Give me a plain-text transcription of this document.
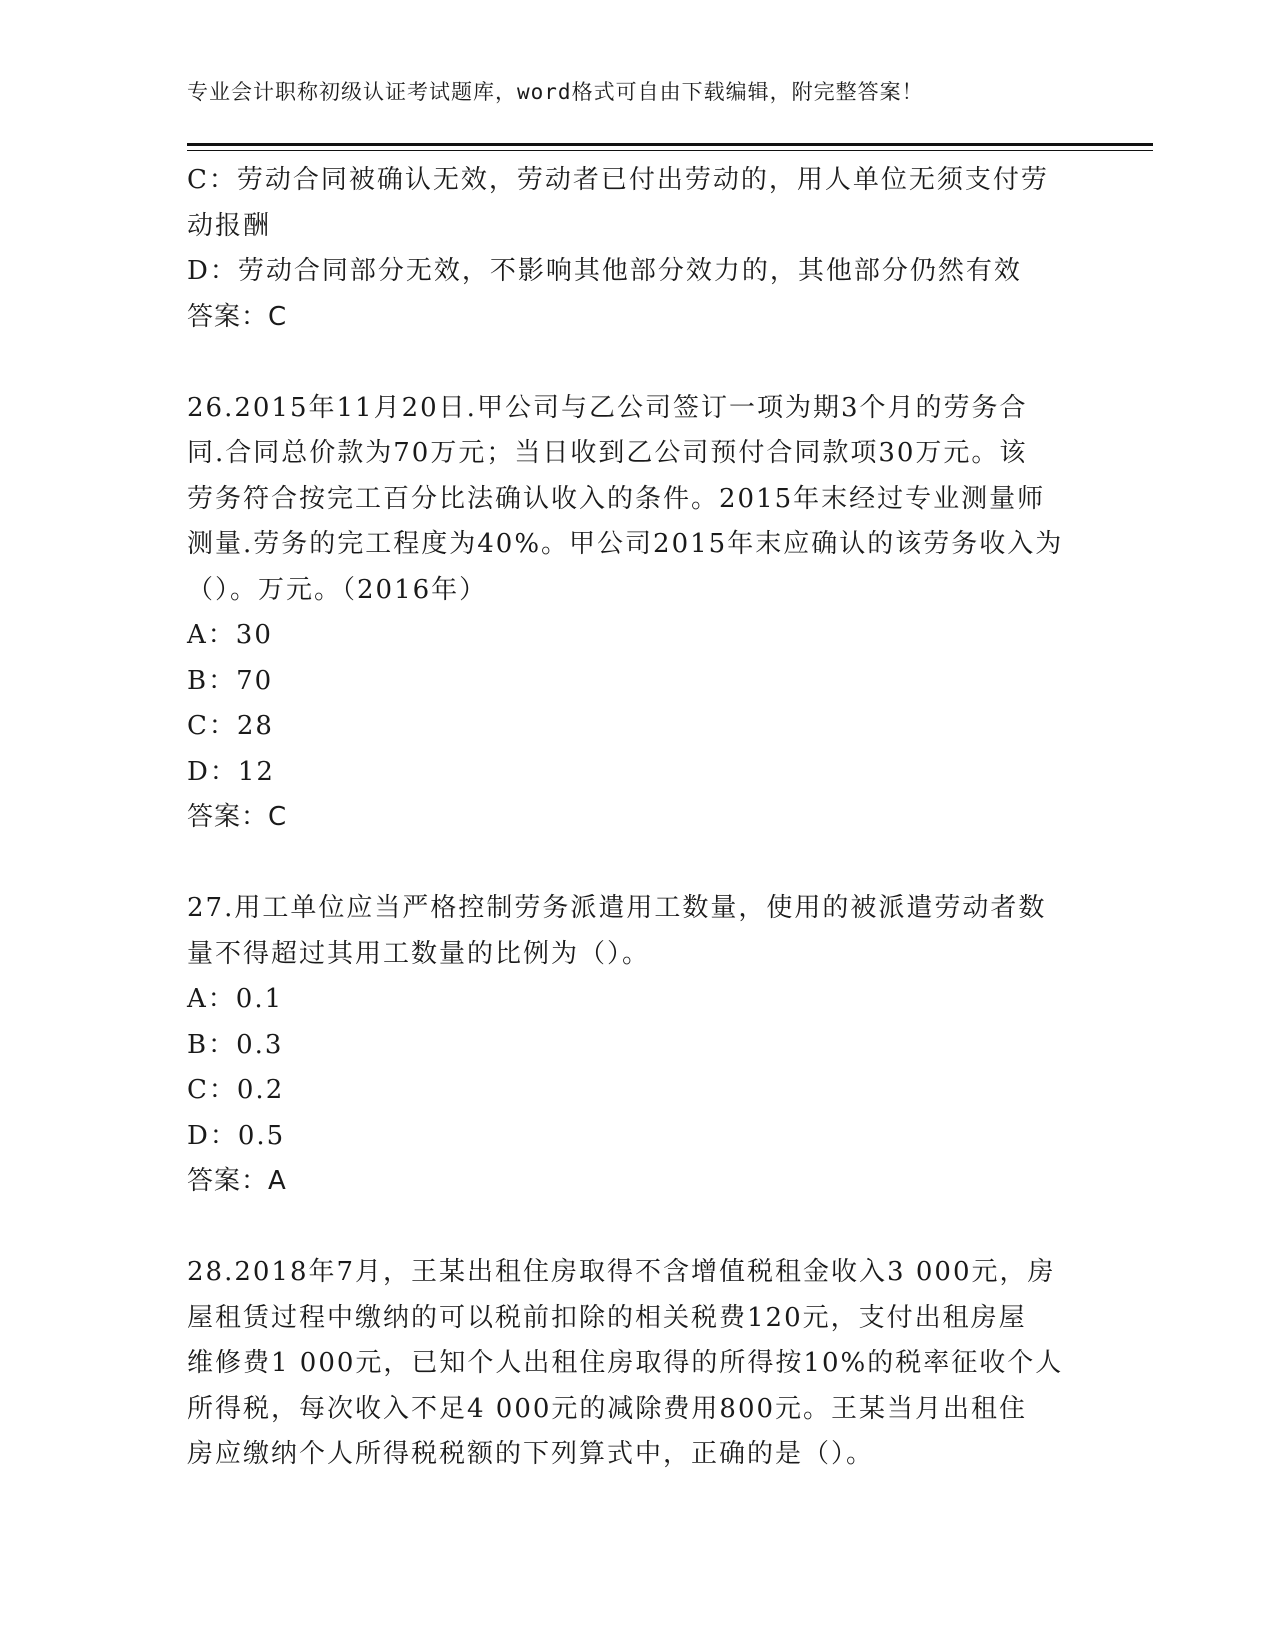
专业会计职称初级认证考试题库，word格式可自由下载编辑，附完整答案！
C：劳动合同被确认无效，劳动者已付出劳动的，用人单位无须支付劳
动报酬
D：劳动合同部分无效，不影响其他部分效力的，其他部分仍然有效
答案：C
26.2015年11月20日.甲公司与乙公司签订一项为期3个月的劳务合
同.合同总价款为70万元；当日收到乙公司预付合同款项30万元。该
劳务符合按完工百分比法确认收入的条件。2015年末经过专业测量师
测量.劳务的完工程度为40%。甲公司2015年末应确认的该劳务收入为
（）。万元。（2016年）
A：30
B：70
C：28
D：12
答案：C
27.用工单位应当严格控制劳务派遣用工数量，使用的被派遣劳动者数
量不得超过其用工数量的比例为（）。
A：0.1
B：0.3
C：0.2
D：0.5
答案：A
28.2018年7月，王某出租住房取得不含增值税租金收入3 000元，房
屋租赁过程中缴纳的可以税前扣除的相关税费120元，支付出租房屋
维修费1 000元，已知个人出租住房取得的所得按10%的税率征收个人
所得税，每次收入不足4 000元的减除费用800元。王某当月出租住
房应缴纳个人所得税税额的下列算式中，正确的是（）。
